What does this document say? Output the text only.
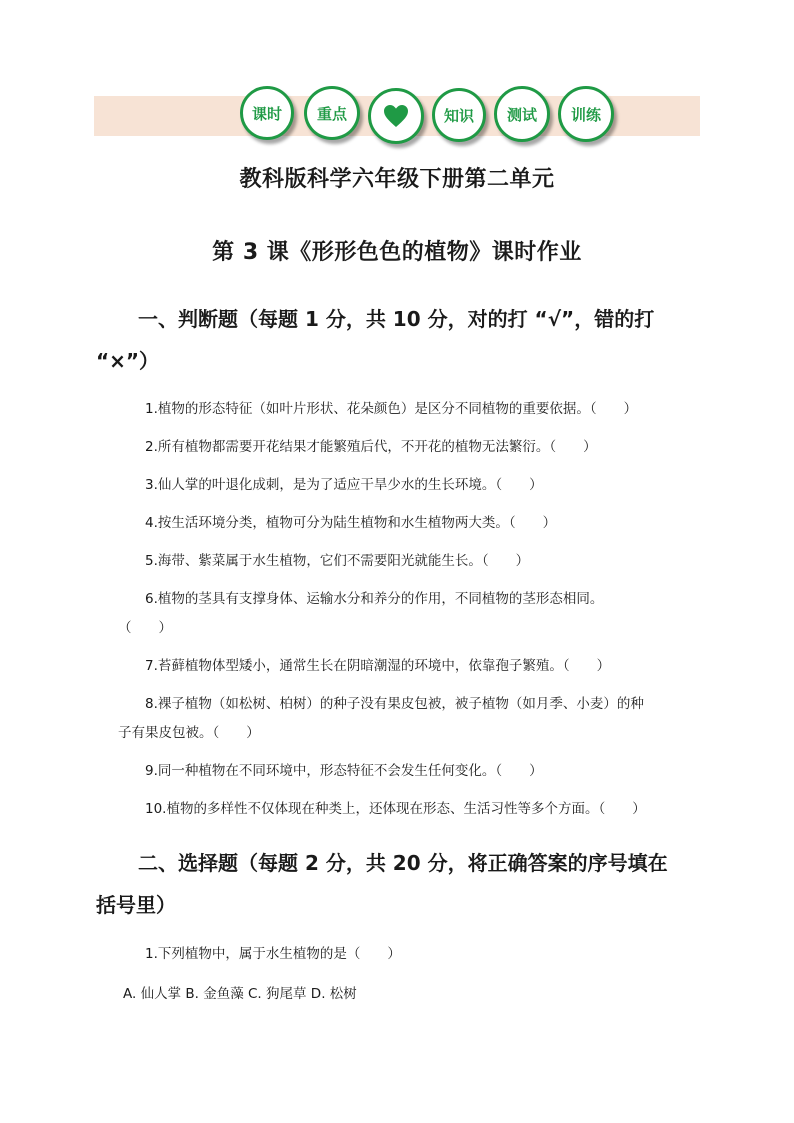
课时	重点	知识	测试	训练
教科版科学六年级下册第二单元
第 3 课《形形色色的植物》课时作业
一、判断题（每题 1 分，共 10 分，对的打 “√”，错的打
“×”）
1.植物的形态特征（如叶片形状、花朵颜色）是区分不同植物的重要依据。（　　）
2.所有植物都需要开花结果才能繁殖后代，不开花的植物无法繁衍。（　　）
3.仙人掌的叶退化成刺，是为了适应干旱少水的生长环境。（　　）
4.按生活环境分类，植物可分为陆生植物和水生植物两大类。（　　）
5.海带、紫菜属于水生植物，它们不需要阳光就能生长。（　　）
6.植物的茎具有支撑身体、运输水分和养分的作用，不同植物的茎形态相同。
（　　）
7.苔藓植物体型矮小，通常生长在阴暗潮湿的环境中，依靠孢子繁殖。（　　）
8.裸子植物（如松树、柏树）的种子没有果皮包被，被子植物（如月季、小麦）的种
子有果皮包被。（　　）
9.同一种植物在不同环境中，形态特征不会发生任何变化。（　　）
10.植物的多样性不仅体现在种类上，还体现在形态、生活习性等多个方面。（　　）
二、选择题（每题 2 分，共 20 分，将正确答案的序号填在
括号里）
1.下列植物中，属于水生植物的是（　　）
A. 仙人掌 B. 金鱼藻 C. 狗尾草 D. 松树
